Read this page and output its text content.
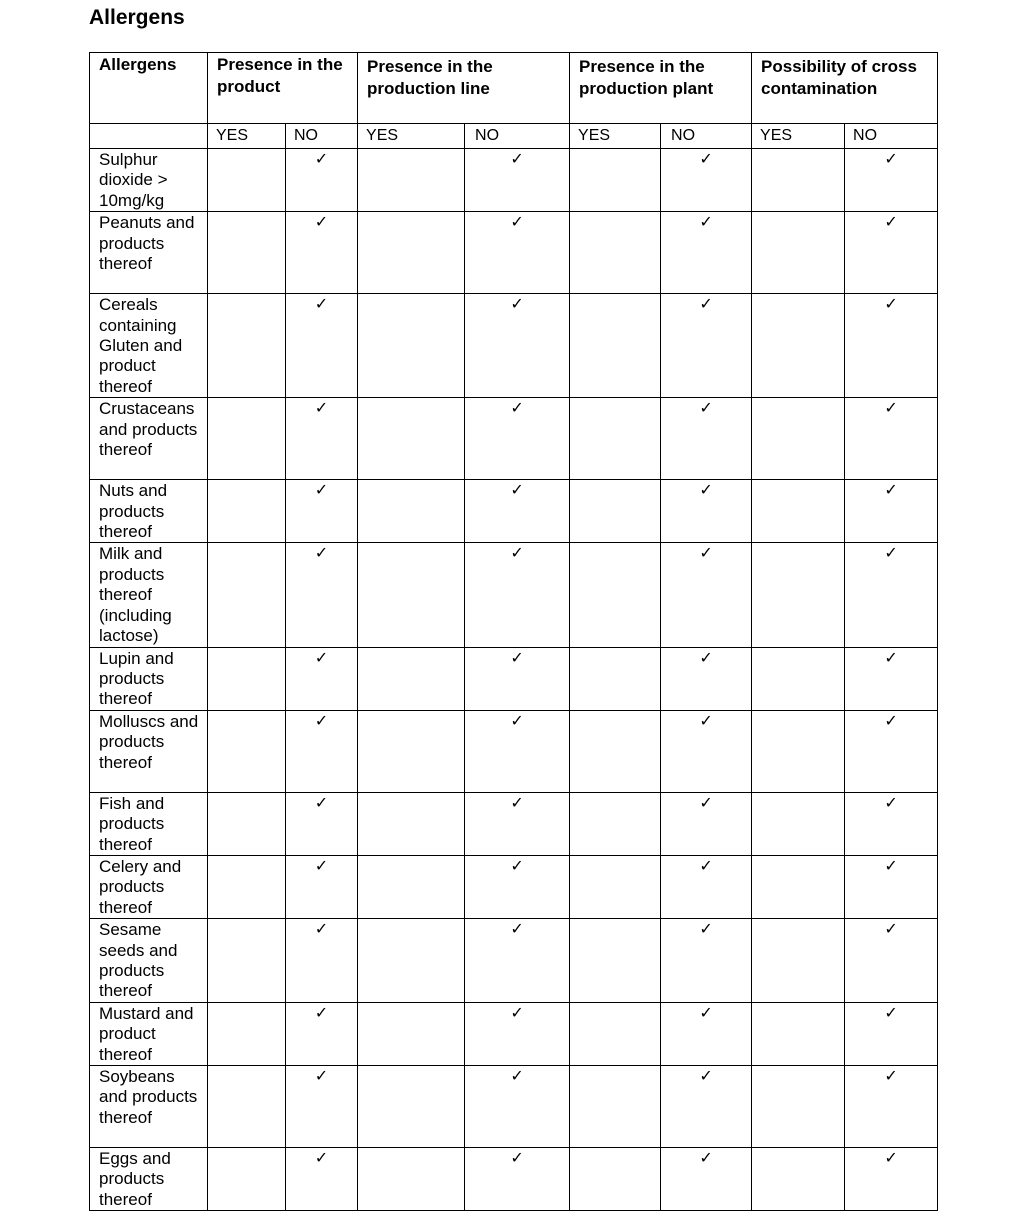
Allergens
Allergens	Presence in the product		Presence in the production line		Presence in the production plant		Possibility of cross contamination	
	YES	NO	YES	NO	YES	NO	YES	NO
Sulphur dioxide > 10mg/kg		✓		✓		✓		✓
Peanuts and products thereof		✓		✓		✓		✓
Cereals containing Gluten and product thereof		✓		✓		✓		✓
Crustaceans and products thereof		✓		✓		✓		✓
Nuts and products thereof		✓		✓		✓		✓
Milk and products thereof (including lactose)		✓		✓		✓		✓
Lupin and products thereof		✓		✓		✓		✓
Molluscs and products thereof		✓		✓		✓		✓
Fish and products thereof		✓		✓		✓		✓
Celery and products thereof		✓		✓		✓		✓
Sesame seeds and products thereof		✓		✓		✓		✓
Mustard and product thereof		✓		✓		✓		✓
Soybeans and products thereof		✓		✓		✓		✓
Eggs and products thereof		✓		✓		✓		✓
